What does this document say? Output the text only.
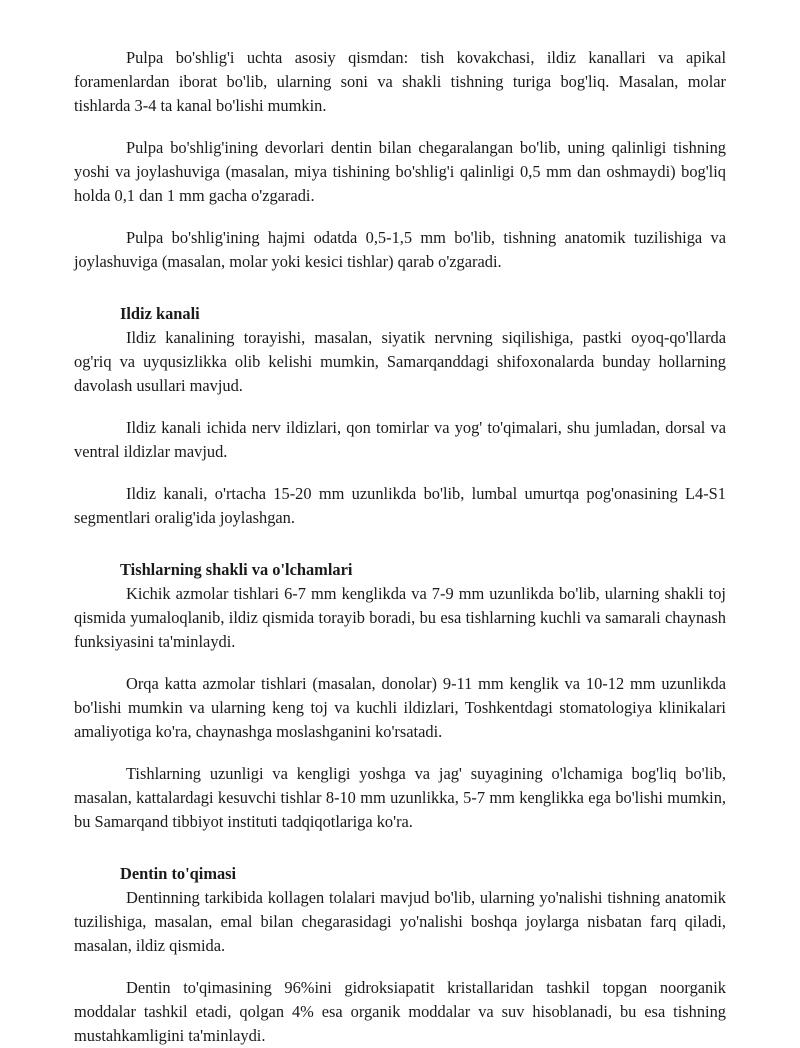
Pulpa bo'shlig'i uchta asosiy qismdan: tish kovakchasi, ildiz kanallari va apikal foramenlardan iborat bo'lib, ularning soni va shakli tishning turiga bog'liq. Masalan, molar tishlarda 3-4 ta kanal bo'lishi mumkin.

Pulpa bo'shlig'ining devorlari dentin bilan chegaralangan bo'lib, uning qalinligi tishning yoshi va joylashuviga (masalan, miya tishining bo'shlig'i qalinligi 0,5 mm dan oshmaydi) bog'liq holda 0,1 dan 1 mm gacha o'zgaradi.

Pulpa bo'shlig'ining hajmi odatda 0,5-1,5 mm bo'lib, tishning anatomik tuzilishiga va joylashuviga (masalan, molar yoki kesici tishlar) qarab o'zgaradi.

Ildiz kanali

Ildiz kanalining torayishi, masalan, siyatik nervning siqilishiga, pastki oyoq-qo'llarda og'riq va uyqusizlikka olib kelishi mumkin, Samarqanddagi shifoxonalarda bunday hollarning davolash usullari mavjud.

Ildiz kanali ichida nerv ildizlari, qon tomirlar va yog' to'qimalari, shu jumladan, dorsal va ventral ildizlar mavjud.

Ildiz kanali, o'rtacha 15-20 mm uzunlikda bo'lib, lumbal umurtqa pog'onasining L4-S1 segmentlari oralig'ida joylashgan.

Tishlarning shakli va o'lchamlari

Kichik azmolar tishlari 6-7 mm kenglikda va 7-9 mm uzunlikda bo'lib, ularning shakli toj qismida yumaloqlanib, ildiz qismida torayib boradi, bu esa tishlarning kuchli va samarali chaynash funksiyasini ta'minlaydi.

Orqa katta azmolar tishlari (masalan, donolar) 9-11 mm kenglik va 10-12 mm uzunlikda bo'lishi mumkin va ularning keng toj va kuchli ildizlari, Toshkentdagi stomatologiya klinikalari amaliyotiga ko'ra, chaynashga moslashganini ko'rsatadi.

Tishlarning uzunligi va kengligi yoshga va jag' suyagining o'lchamiga bog'liq bo'lib, masalan, kattalardagi kesuvchi tishlar 8-10 mm uzunlikka, 5-7 mm kenglikka ega bo'lishi mumkin, bu Samarqand tibbiyot instituti tadqiqotlariga ko'ra.

Dentin to'qimasi

Dentinning tarkibida kollagen tolalari mavjud bo'lib, ularning yo'nalishi tishning anatomik tuzilishiga, masalan, emal bilan chegarasidagi yo'nalishi boshqa joylarga nisbatan farq qiladi, masalan, ildiz qismida.

Dentin to'qimasining 96%ini gidroksiapatit kristallaridan tashkil topgan noorganik moddalar tashkil etadi, qolgan 4% esa organik moddalar va suv hisoblanadi, bu esa tishning mustahkamligini ta'minlaydi.
